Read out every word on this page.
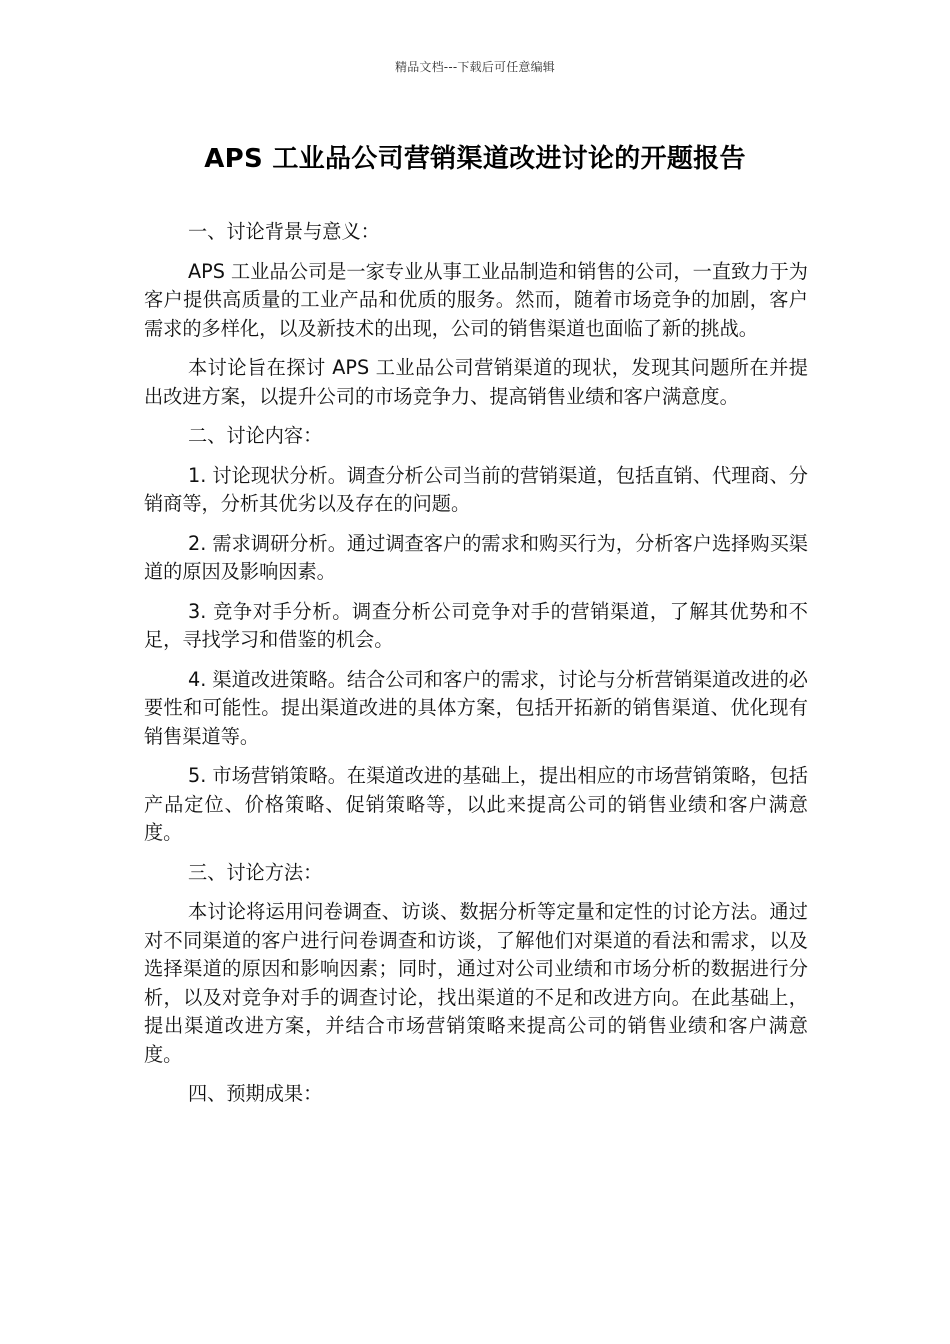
精品文档---下载后可任意编辑
APS 工业品公司营销渠道改进讨论的开题报告

一、讨论背景与意义：

APS 工业品公司是一家专业从事工业品制造和销售的公司，一直致力于为客户提供高质量的工业产品和优质的服务。然而，随着市场竞争的加剧，客户需求的多样化，以及新技术的出现，公司的销售渠道也面临了新的挑战。

本讨论旨在探讨 APS 工业品公司营销渠道的现状，发现其问题所在并提出改进方案，以提升公司的市场竞争力、提高销售业绩和客户满意度。

二、讨论内容：

1. 讨论现状分析。调查分析公司当前的营销渠道，包括直销、代理商、分销商等，分析其优劣以及存在的问题。

2. 需求调研分析。通过调查客户的需求和购买行为，分析客户选择购买渠道的原因及影响因素。

3. 竞争对手分析。调查分析公司竞争对手的营销渠道，了解其优势和不足，寻找学习和借鉴的机会。

4. 渠道改进策略。结合公司和客户的需求，讨论与分析营销渠道改进的必要性和可能性。提出渠道改进的具体方案，包括开拓新的销售渠道、优化现有销售渠道等。

5. 市场营销策略。在渠道改进的基础上，提出相应的市场营销策略，包括产品定位、价格策略、促销策略等，以此来提高公司的销售业绩和客户满意度。

三、讨论方法：

本讨论将运用问卷调查、访谈、数据分析等定量和定性的讨论方法。通过对不同渠道的客户进行问卷调查和访谈，了解他们对渠道的看法和需求，以及选择渠道的原因和影响因素；同时，通过对公司业绩和市场分析的数据进行分析，以及对竞争对手的调查讨论，找出渠道的不足和改进方向。在此基础上，提出渠道改进方案，并结合市场营销策略来提高公司的销售业绩和客户满意度。

四、预期成果：
